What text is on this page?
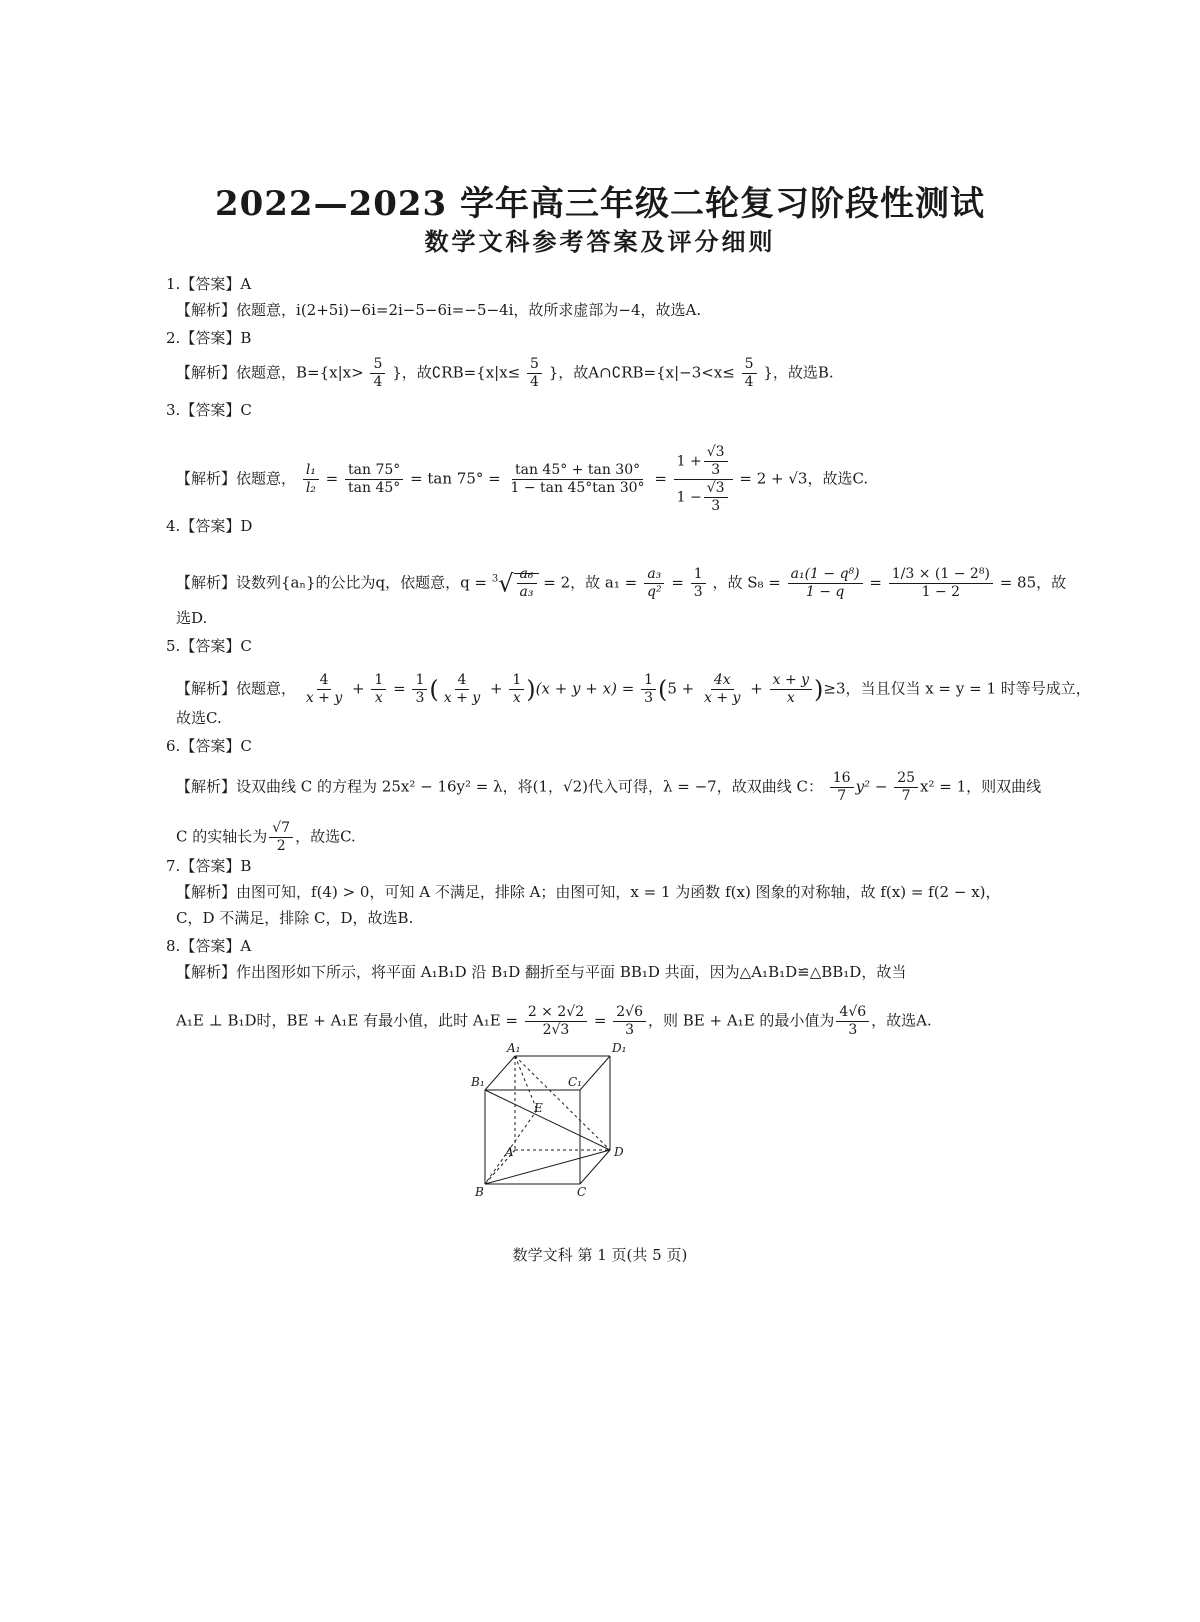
2022—2023 学年高三年级二轮复习阶段性测试
数学文科参考答案及评分细则
1.【答案】A
【解析】依题意，i(2+5i)−6i=2i−5−6i=−5−4i，故所求虚部为−4，故选A.
2.【答案】B
【解析】依题意，$B=\{x|x> \frac{5}{4}$ }，故∁RB={x|x≤ $\frac{5}{4}$ }，故A∩∁RB={x|−3<x≤ $\frac{5}{4}$ }，故选B.
3.【答案】C
【解析】依题意， $\frac{\text{l₁}}{\text{l₂}} = \frac{\tan 75^\circ}{\tan 45^\circ} = \tan 75^\circ = \frac{\tan 45^\circ + \tan 30^\circ}{1 - \tan 45^\circ\tan 30^\circ} = \frac{1 + \frac{√3}{3}}{1 - \frac{√3}{3}} = 2 + √3$，故选C.
4.【答案】D
【解析】设数列{aₙ}的公比为q，依题意，$q = ^3√ \frac{\text{a₆}}{\text{a₃}} = 2$，故 $a_1 = \frac{\text{a₃}}{\text{q²}} = \frac{1}{3}$ ，故 $S_8 = \frac{\text{a₁(1 − q⁸)}}{1 - q} = \frac{\text{1/3 × (1 − 2⁸)}}{1 - 2} = 85$，故
选D.
5.【答案】C
【解析】依题意， $\frac{4}{x + y} + \frac{1}{x} = \frac{1}{3}$ ( $\frac{4}{x + y} + \frac{1}{x} )(x + y + x) = \frac{1}{3} (5 + \frac{4x}{x + y} + \frac{x + y}{x} )\ge 3$，当且仅当 x = y = 1 时等号成立，
故选C.
6.【答案】C
【解析】设双曲线 C 的方程为 25x² − 16y² = λ，将(1，√2)代入可得，λ = −7，故双曲线 C： $\frac{16}{7} y^2 - \frac{25}{7} x^2 = 1$，则双曲线
C 的实轴长为 $\frac{√7}{2}$ ，故选C.
7.【答案】B
【解析】由图可知，f(4) > 0，可知 A 不满足，排除 A；由图可知，x = 1 为函数 f(x) 图象的对称轴，故 f(x) = f(2 − x)，
C，D 不满足，排除 C，D，故选B.
8.【答案】A
【解析】作出图形如下所示，将平面 A₁B₁D 沿 B₁D 翻折至与平面 BB₁D 共面，因为△A₁B₁D≌△BB₁D，故当
A₁E ⊥ B₁D时，BE + A₁E 有最小值，此时 $A_1E = \frac{2 \times 2√2}{2√3} = \frac{2√6}{3}$ ，则 BE + A₁E 的最小值为 $\frac{4√6}{3}$ ，故选A.
A₁	D₁
B₁	C₁
E
A	D
B	C
数学文科 第 1 页(共 5 页)
